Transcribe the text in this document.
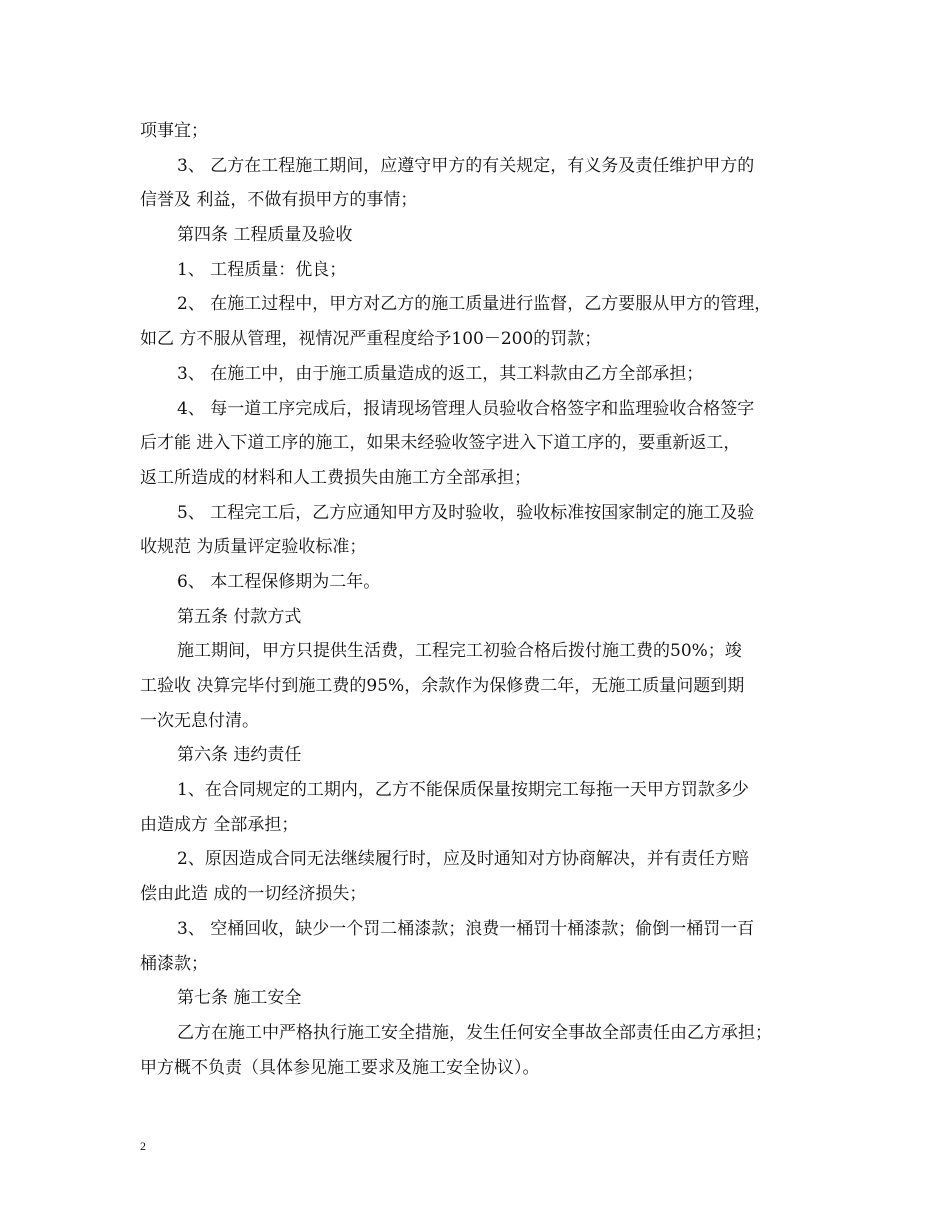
项事宜；
3、 乙方在工程施工期间，应遵守甲方的有关规定，有义务及责任维护甲方的
信誉及 利益，不做有损甲方的事情；
第四条 工程质量及验收
1、 工程质量：优良；
2、 在施工过程中，甲方对乙方的施工质量进行监督，乙方要服从甲方的管理，
如乙 方不服从管理，视情况严重程度给予100－200的罚款；
3、 在施工中，由于施工质量造成的返工，其工料款由乙方全部承担；
4、 每一道工序完成后，报请现场管理人员验收合格签字和监理验收合格签字
后才能 进入下道工序的施工，如果未经验收签字进入下道工序的，要重新返工，
返工所造成的材料和人工费损失由施工方全部承担；
5、 工程完工后，乙方应通知甲方及时验收，验收标准按国家制定的施工及验
收规范 为质量评定验收标准；
6、 本工程保修期为二年。
第五条 付款方式
施工期间，甲方只提供生活费，工程完工初验合格后拨付施工费的50%；竣
工验收 决算完毕付到施工费的95%，余款作为保修费二年，无施工质量问题到期
一次无息付清。
第六条 违约责任
1、在合同规定的工期内，乙方不能保质保量按期完工每拖一天甲方罚款多少
由造成方 全部承担；
2、原因造成合同无法继续履行时，应及时通知对方协商解决，并有责任方赔
偿由此造 成的一切经济损失；
3、 空桶回收，缺少一个罚二桶漆款；浪费一桶罚十桶漆款；偷倒一桶罚一百
桶漆款；
第七条 施工安全
乙方在施工中严格执行施工安全措施，发生任何安全事故全部责任由乙方承担；
甲方概不负责（具体参见施工要求及施工安全协议）。
2
